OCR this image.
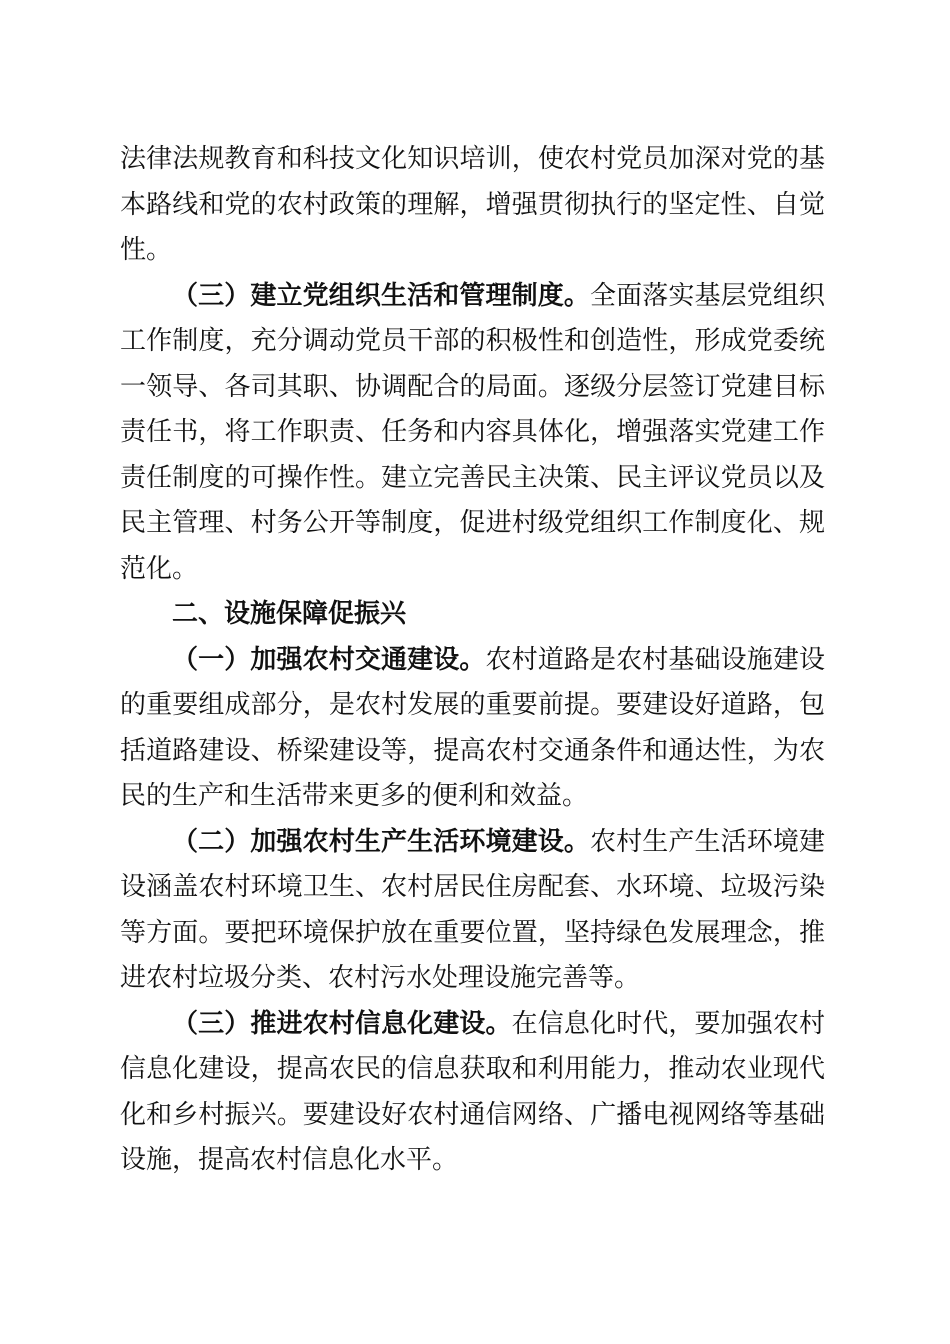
法律法规教育和科技文化知识培训，使农村党员加深对党的基本路线和党的农村政策的理解，增强贯彻执行的坚定性、自觉性。

（三）建立党组织生活和管理制度。全面落实基层党组织工作制度，充分调动党员干部的积极性和创造性，形成党委统一领导、各司其职、协调配合的局面。逐级分层签订党建目标责任书，将工作职责、任务和内容具体化，增强落实党建工作责任制度的可操作性。建立完善民主决策、民主评议党员以及民主管理、村务公开等制度，促进村级党组织工作制度化、规范化。

二、设施保障促振兴

（一）加强农村交通建设。农村道路是农村基础设施建设的重要组成部分，是农村发展的重要前提。要建设好道路，包括道路建设、桥梁建设等，提高农村交通条件和通达性，为农民的生产和生活带来更多的便利和效益。

（二）加强农村生产生活环境建设。农村生产生活环境建设涵盖农村环境卫生、农村居民住房配套、水环境、垃圾污染等方面。要把环境保护放在重要位置，坚持绿色发展理念，推进农村垃圾分类、农村污水处理设施完善等。

（三）推进农村信息化建设。在信息化时代，要加强农村信息化建设，提高农民的信息获取和利用能力，推动农业现代化和乡村振兴。要建设好农村通信网络、广播电视网络等基础设施，提高农村信息化水平。
